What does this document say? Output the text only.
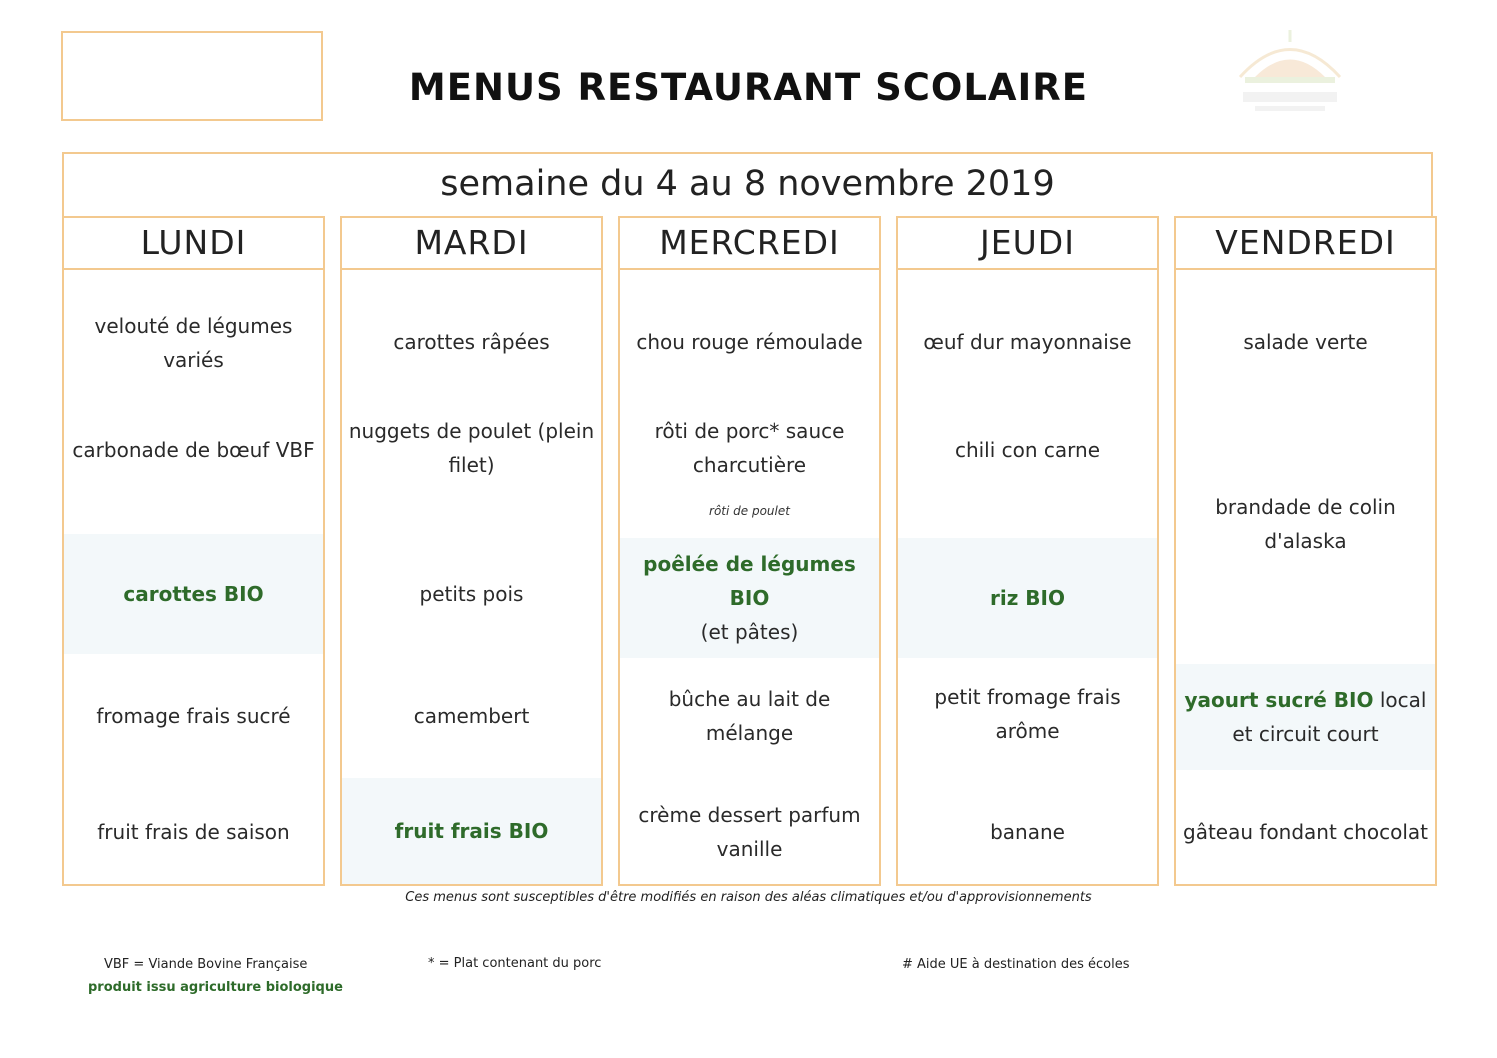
MENUS RESTAURANT SCOLAIRE
semaine du 4 au 8 novembre 2019
LUNDI
velouté de légumes variés
carbonade de bœuf VBF
carottes BIO
fromage frais sucré
fruit frais de saison
MARDI
carottes râpées
nuggets de poulet (plein filet)
petits pois
camembert
fruit frais BIO
MERCREDI
chou rouge rémoulade
rôti de porc* sauce charcutière
rôti de poulet
poêlée de légumes BIO
(et pâtes)
bûche au lait de mélange
crème dessert parfum vanille
JEUDI
œuf dur mayonnaise
chili con carne
riz BIO
petit fromage frais arôme
banane
VENDREDI
salade verte
brandade de colin d'alaska
yaourt sucré BIO local et circuit court
gâteau fondant chocolat
Ces menus sont susceptibles d'être modifiés en raison des aléas climatiques et/ou d'approvisionnements
VBF = Viande Bovine Française
produit issu agriculture biologique
* = Plat contenant du porc	# Aide UE à destination des écoles
